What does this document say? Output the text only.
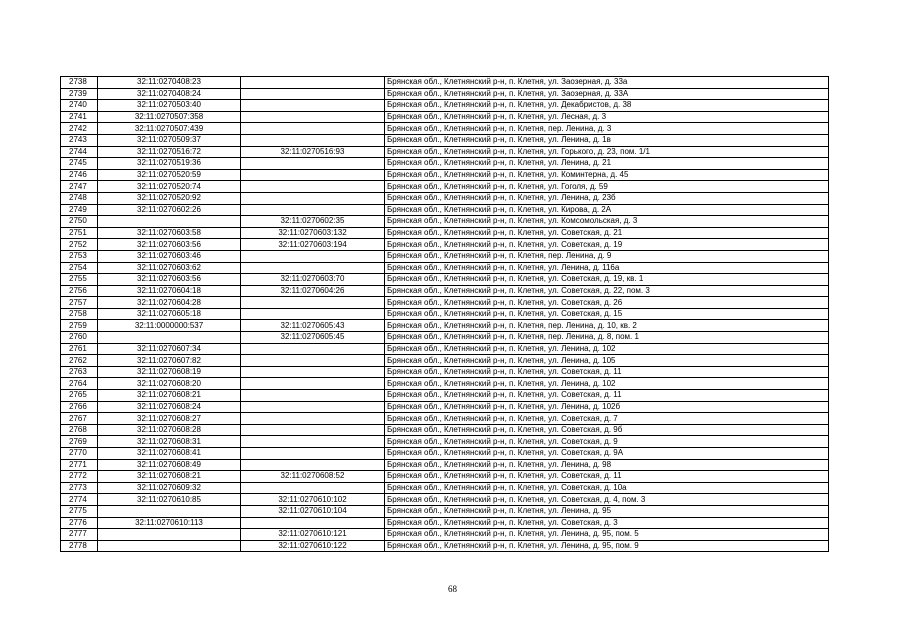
2738	32:11:0270408:23		Брянская обл., Клетнянский р-н, п. Клетня, ул. Заозерная, д. 33а
2739	32:11:0270408:24		Брянская обл., Клетнянский р-н, п. Клетня, ул. Заозерная, д. 33А
2740	32:11:0270503:40		Брянская обл., Клетнянский р-н, п. Клетня, ул. Декабристов, д. 38
2741	32:11:0270507:358		Брянская обл., Клетнянский р-н, п. Клетня, ул. Лесная, д. 3
2742	32:11:0270507:439		Брянская обл., Клетнянский р-н, п. Клетня, пер. Ленина, д. 3
2743	32:11:0270509:37		Брянская обл., Клетнянский р-н, п. Клетня, ул. Ленина, д. 1в
2744	32:11:0270516:72	32:11:0270516:93	Брянская обл., Клетнянский р-н, п. Клетня, ул. Горького, д. 23, пом. 1/1
2745	32:11:0270519:36		Брянская обл., Клетнянский р-н, п. Клетня, ул. Ленина, д. 21
2746	32:11:0270520:59		Брянская обл., Клетнянский р-н, п. Клетня, ул. Коминтерна, д. 45
2747	32:11:0270520:74		Брянская обл., Клетнянский р-н, п. Клетня, ул. Гоголя, д. 59
2748	32:11:0270520:92		Брянская обл., Клетнянский р-н, п. Клетня, ул. Ленина, д. 23б
2749	32:11:0270602:26		Брянская обл., Клетнянский р-н, п. Клетня, ул. Кирова, д. 2А
2750		32:11:0270602:35	Брянская обл., Клетнянский р-н, п. Клетня, ул. Комсомольская, д. 3
2751	32:11:0270603:58	32:11:0270603:132	Брянская обл., Клетнянский р-н, п. Клетня, ул. Советская, д. 21
2752	32:11:0270603:56	32:11:0270603:194	Брянская обл., Клетнянский р-н, п. Клетня, ул. Советская, д. 19
2753	32:11:0270603:46		Брянская обл., Клетнянский р-н, п. Клетня, пер. Ленина, д. 9
2754	32:11:0270603:62		Брянская обл., Клетнянский р-н, п. Клетня, ул. Ленина, д. 116а
2755	32:11:0270603:56	32:11:0270603:70	Брянская обл., Клетнянский р-н, п. Клетня, ул. Советская, д. 19, кв. 1
2756	32:11:0270604:18	32:11:0270604:26	Брянская обл., Клетнянский р-н, п. Клетня, ул. Советская, д. 22, пом. 3
2757	32:11:0270604:28		Брянская обл., Клетнянский р-н, п. Клетня, ул. Советская, д. 26
2758	32:11:0270605:18		Брянская обл., Клетнянский р-н, п. Клетня, ул. Советская, д. 15
2759	32:11:0000000:537	32:11:0270605:43	Брянская обл., Клетнянский р-н, п. Клетня, пер. Ленина, д. 10, кв. 2
2760		32:11:0270605:45	Брянская обл., Клетнянский р-н, п. Клетня, пер. Ленина, д. 8, пом. 1
2761	32:11:0270607:34		Брянская обл., Клетнянский р-н, п. Клетня, ул. Ленина, д. 102
2762	32:11:0270607:82		Брянская обл., Клетнянский р-н, п. Клетня, ул. Ленина, д. 105
2763	32:11:0270608:19		Брянская обл., Клетнянский р-н, п. Клетня, ул. Советская, д. 11
2764	32:11:0270608:20		Брянская обл., Клетнянский р-н, п. Клетня, ул. Ленина, д. 102
2765	32:11:0270608:21		Брянская обл., Клетнянский р-н, п. Клетня, ул. Советская, д. 11
2766	32:11:0270608:24		Брянская обл., Клетнянский р-н, п. Клетня, ул. Ленина, д. 102б
2767	32:11:0270608:27		Брянская обл., Клетнянский р-н, п. Клетня, ул. Советская, д. 7
2768	32:11:0270608:28		Брянская обл., Клетнянский р-н, п. Клетня, ул. Советская, д. 9б
2769	32:11:0270608:31		Брянская обл., Клетнянский р-н, п. Клетня, ул. Советская, д. 9
2770	32:11:0270608:41		Брянская обл., Клетнянский р-н, п. Клетня, ул. Советская, д. 9А
2771	32:11:0270608:49		Брянская обл., Клетнянский р-н, п. Клетня, ул. Ленина, д. 98
2772	32:11:0270608:21	32:11:0270608:52	Брянская обл., Клетнянский р-н, п. Клетня, ул. Советская, д. 11
2773	32:11:0270609:32		Брянская обл., Клетнянский р-н, п. Клетня, ул. Советская, д. 10а
2774	32:11:0270610:85	32:11:0270610:102	Брянская обл., Клетнянский р-н, п. Клетня, ул. Советская, д. 4, пом. 3
2775		32:11:0270610:104	Брянская обл., Клетнянский р-н, п. Клетня, ул. Ленина, д. 95
2776	32:11:0270610:113		Брянская обл., Клетнянский р-н, п. Клетня, ул. Советская, д. 3
2777		32:11:0270610:121	Брянская обл., Клетнянский р-н, п. Клетня, ул. Ленина, д. 95, пом. 5
2778		32:11:0270610:122	Брянская обл., Клетнянский р-н, п. Клетня, ул. Ленина, д. 95, пом. 9
68
